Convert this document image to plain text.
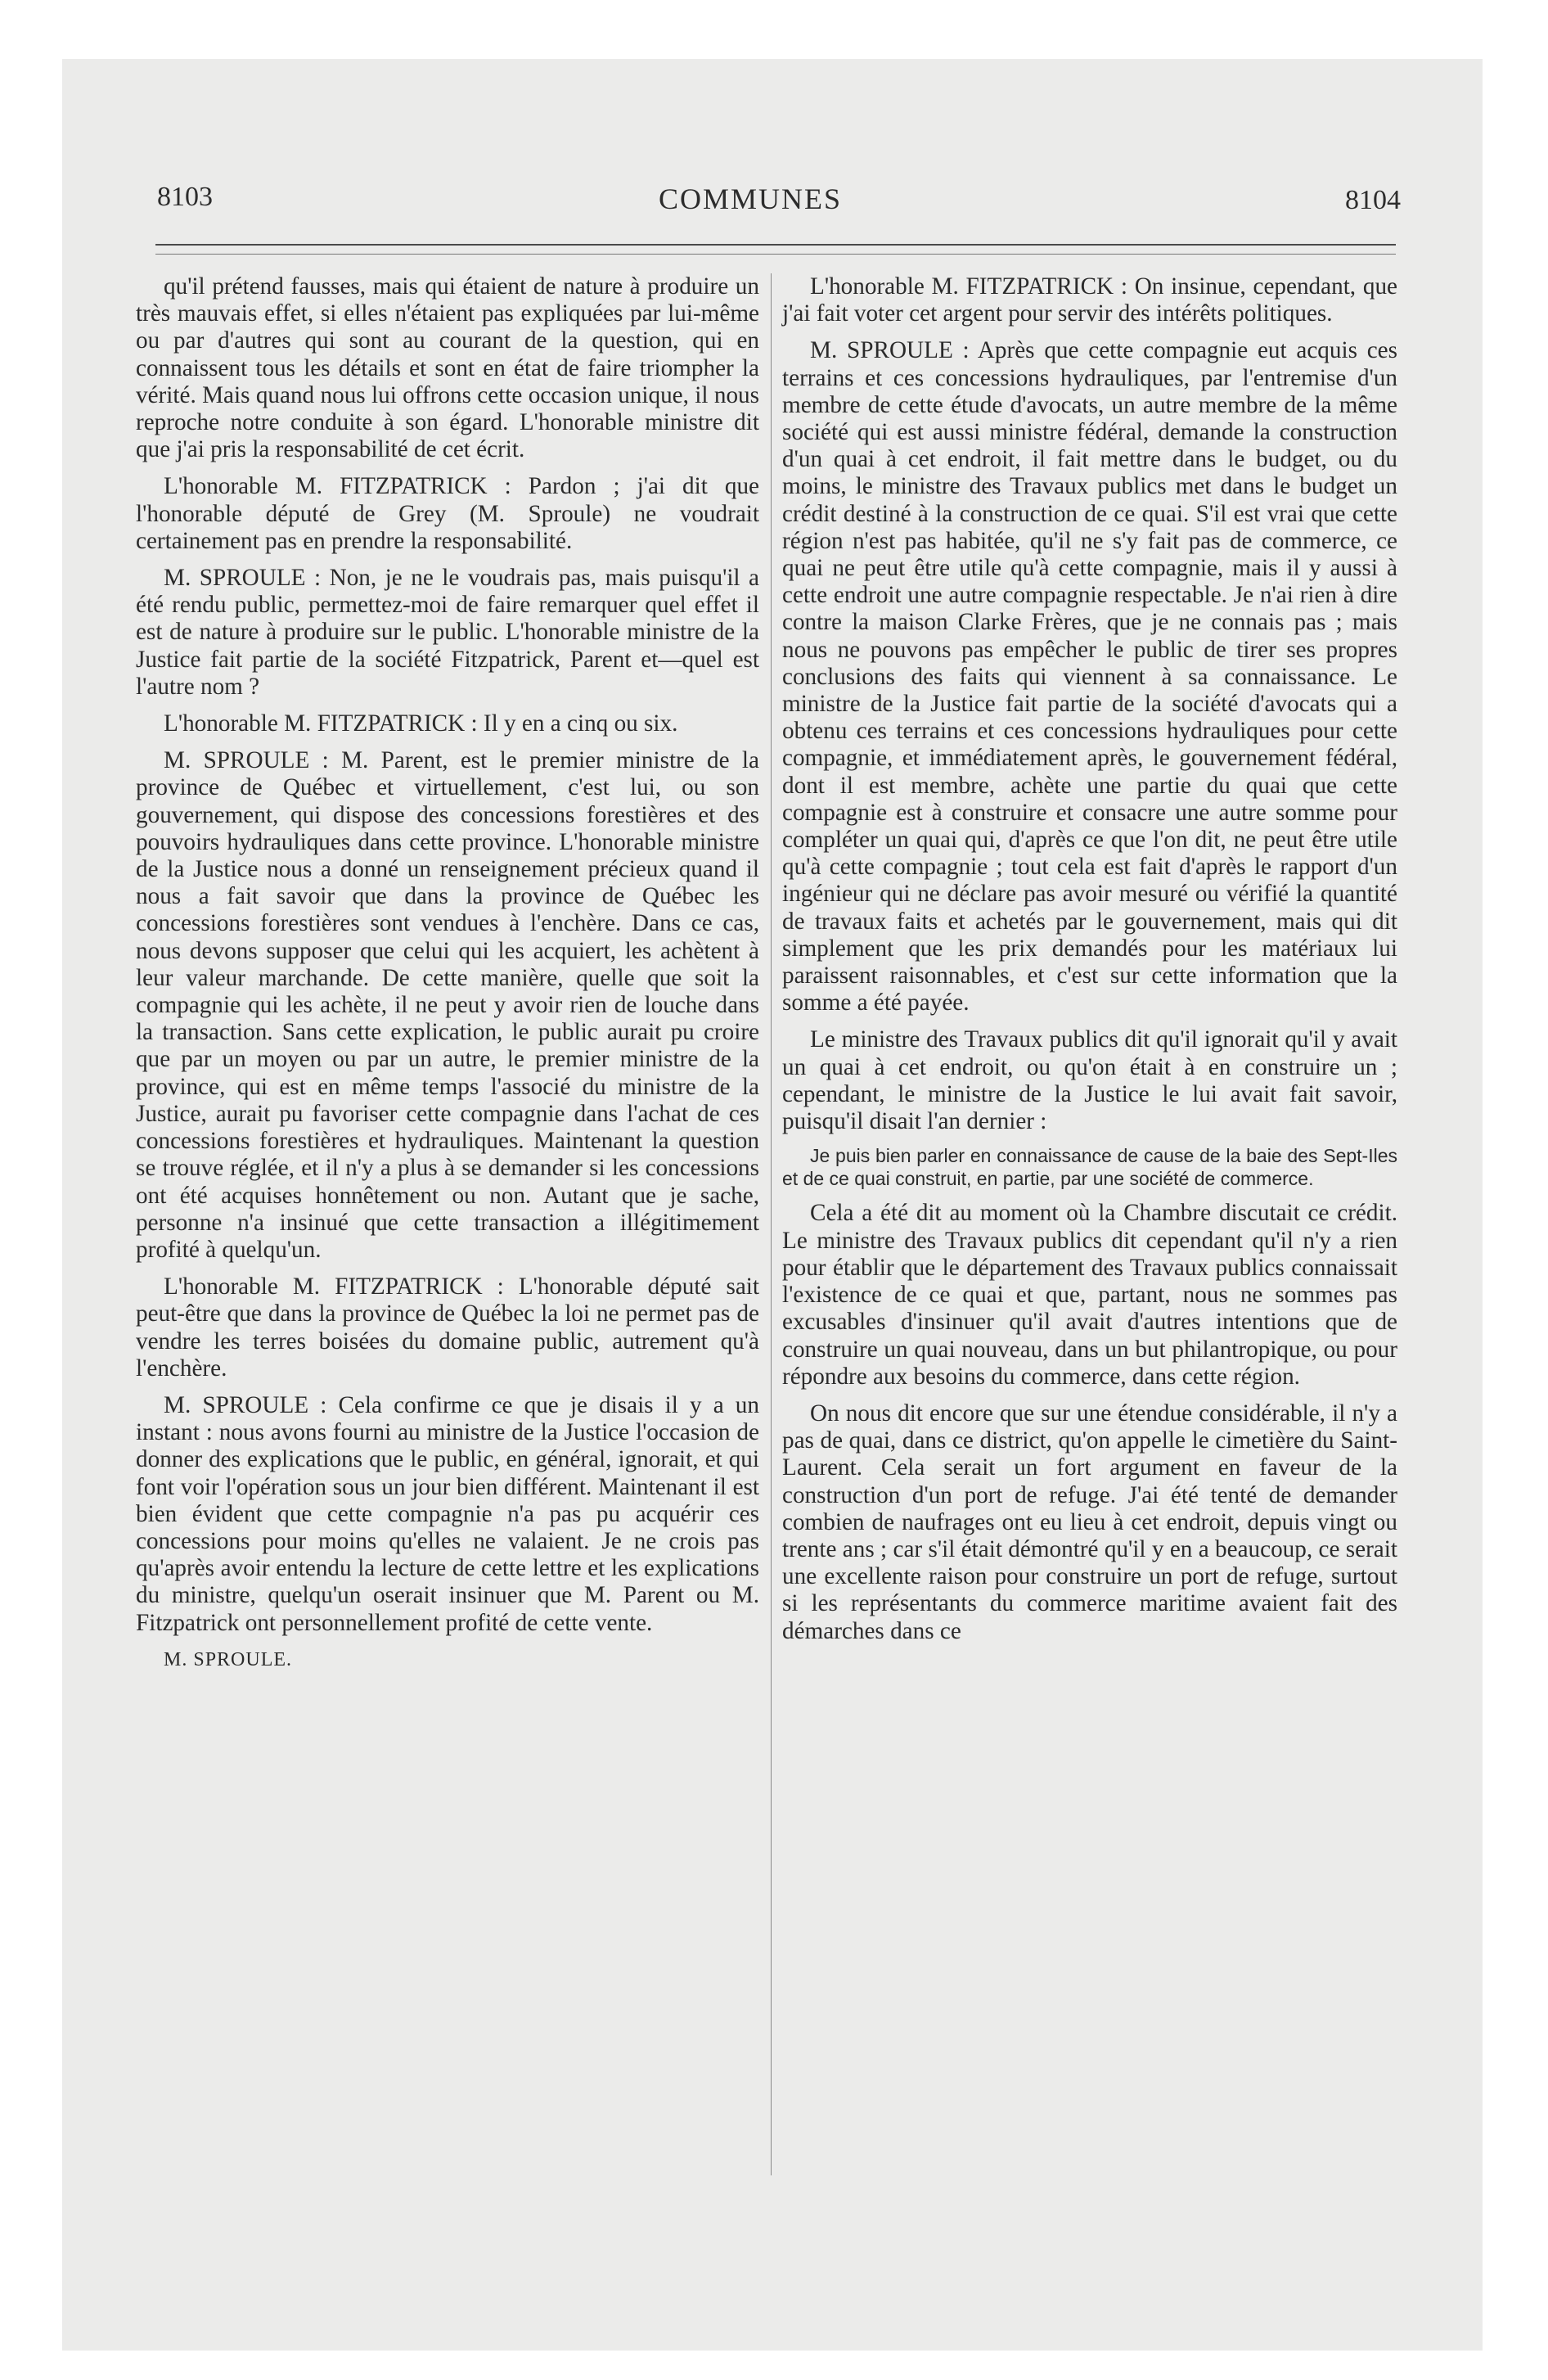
8103	COMMUNES	8104

qu'il prétend fausses, mais qui étaient de nature à produire un très mauvais effet, si elles n'étaient pas expliquées par lui-même ou par d'autres qui sont au courant de la question, qui en connaissent tous les détails et sont en état de faire triompher la vérité. Mais quand nous lui offrons cette occasion unique, il nous reproche notre conduite à son égard. L'honorable ministre dit que j'ai pris la responsabilité de cet écrit.

L'honorable M. FITZPATRICK : Pardon ; j'ai dit que l'honorable député de Grey (M. Sproule) ne voudrait certainement pas en prendre la responsabilité.

M. SPROULE : Non, je ne le voudrais pas, mais puisqu'il a été rendu public, permettez-moi de faire remarquer quel effet il est de nature à produire sur le public. L'honorable ministre de la Justice fait partie de la société Fitzpatrick, Parent et—quel est l'autre nom ?

L'honorable M. FITZPATRICK : Il y en a cinq ou six.

M. SPROULE : M. Parent, est le premier ministre de la province de Québec et virtuellement, c'est lui, ou son gouvernement, qui dispose des concessions forestières et des pouvoirs hydrauliques dans cette province. L'honorable ministre de la Justice nous a donné un renseignement précieux quand il nous a fait savoir que dans la province de Québec les concessions forestières sont vendues à l'enchère. Dans ce cas, nous devons supposer que celui qui les acquiert, les achètent à leur valeur marchande. De cette manière, quelle que soit la compagnie qui les achète, il ne peut y avoir rien de louche dans la transaction. Sans cette explication, le public aurait pu croire que par un moyen ou par un autre, le premier ministre de la province, qui est en même temps l'associé du ministre de la Justice, aurait pu favoriser cette compagnie dans l'achat de ces concessions forestières et hydrauliques. Maintenant la question se trouve réglée, et il n'y a plus à se demander si les concessions ont été acquises honnêtement ou non. Autant que je sache, personne n'a insinué que cette transaction a illégitimement profité à quelqu'un.

L'honorable M. FITZPATRICK : L'honorable député sait peut-être que dans la province de Québec la loi ne permet pas de vendre les terres boisées du domaine public, autrement qu'à l'enchère.

M. SPROULE : Cela confirme ce que je disais il y a un instant : nous avons fourni au ministre de la Justice l'occasion de donner des explications que le public, en général, ignorait, et qui font voir l'opération sous un jour bien différent. Maintenant il est bien évident que cette compagnie n'a pas pu acquérir ces concessions pour moins qu'elles ne valaient. Je ne crois pas qu'après avoir entendu la lecture de cette lettre et les explications du ministre, quelqu'un oserait insinuer que M. Parent ou M. Fitzpatrick ont personnellement profité de cette vente.

M. SPROULE.

L'honorable M. FITZPATRICK : On insinue, cependant, que j'ai fait voter cet argent pour servir des intérêts politiques.

M. SPROULE : Après que cette compagnie eut acquis ces terrains et ces concessions hydrauliques, par l'entremise d'un membre de cette étude d'avocats, un autre membre de la même société qui est aussi ministre fédéral, demande la construction d'un quai à cet endroit, il fait mettre dans le budget, ou du moins, le ministre des Travaux publics met dans le budget un crédit destiné à la construction de ce quai. S'il est vrai que cette région n'est pas habitée, qu'il ne s'y fait pas de commerce, ce quai ne peut être utile qu'à cette compagnie, mais il y aussi à cette endroit une autre compagnie respectable. Je n'ai rien à dire contre la maison Clarke Frères, que je ne connais pas ; mais nous ne pouvons pas empêcher le public de tirer ses propres conclusions des faits qui viennent à sa connaissance. Le ministre de la Justice fait partie de la société d'avocats qui a obtenu ces terrains et ces concessions hydrauliques pour cette compagnie, et immédiatement après, le gouvernement fédéral, dont il est membre, achète une partie du quai que cette compagnie est à construire et consacre une autre somme pour compléter un quai qui, d'après ce que l'on dit, ne peut être utile qu'à cette compagnie ; tout cela est fait d'après le rapport d'un ingénieur qui ne déclare pas avoir mesuré ou vérifié la quantité de travaux faits et achetés par le gouvernement, mais qui dit simplement que les prix demandés pour les matériaux lui paraissent raisonnables, et c'est sur cette information que la somme a été payée.

Le ministre des Travaux publics dit qu'il ignorait qu'il y avait un quai à cet endroit, ou qu'on était à en construire un ; cependant, le ministre de la Justice le lui avait fait savoir, puisqu'il disait l'an dernier :

Je puis bien parler en connaissance de cause de la baie des Sept-Iles et de ce quai construit, en partie, par une société de commerce.

Cela a été dit au moment où la Chambre discutait ce crédit. Le ministre des Travaux publics dit cependant qu'il n'y a rien pour établir que le département des Travaux publics connaissait l'existence de ce quai et que, partant, nous ne sommes pas excusables d'insinuer qu'il avait d'autres intentions que de construire un quai nouveau, dans un but philantropique, ou pour répondre aux besoins du commerce, dans cette région.

On nous dit encore que sur une étendue considérable, il n'y a pas de quai, dans ce district, qu'on appelle le cimetière du Saint-Laurent. Cela serait un fort argument en faveur de la construction d'un port de refuge. J'ai été tenté de demander combien de naufrages ont eu lieu à cet endroit, depuis vingt ou trente ans ; car s'il était démontré qu'il y en a beaucoup, ce serait une excellente raison pour construire un port de refuge, surtout si les représentants du commerce maritime avaient fait des démarches dans ce
